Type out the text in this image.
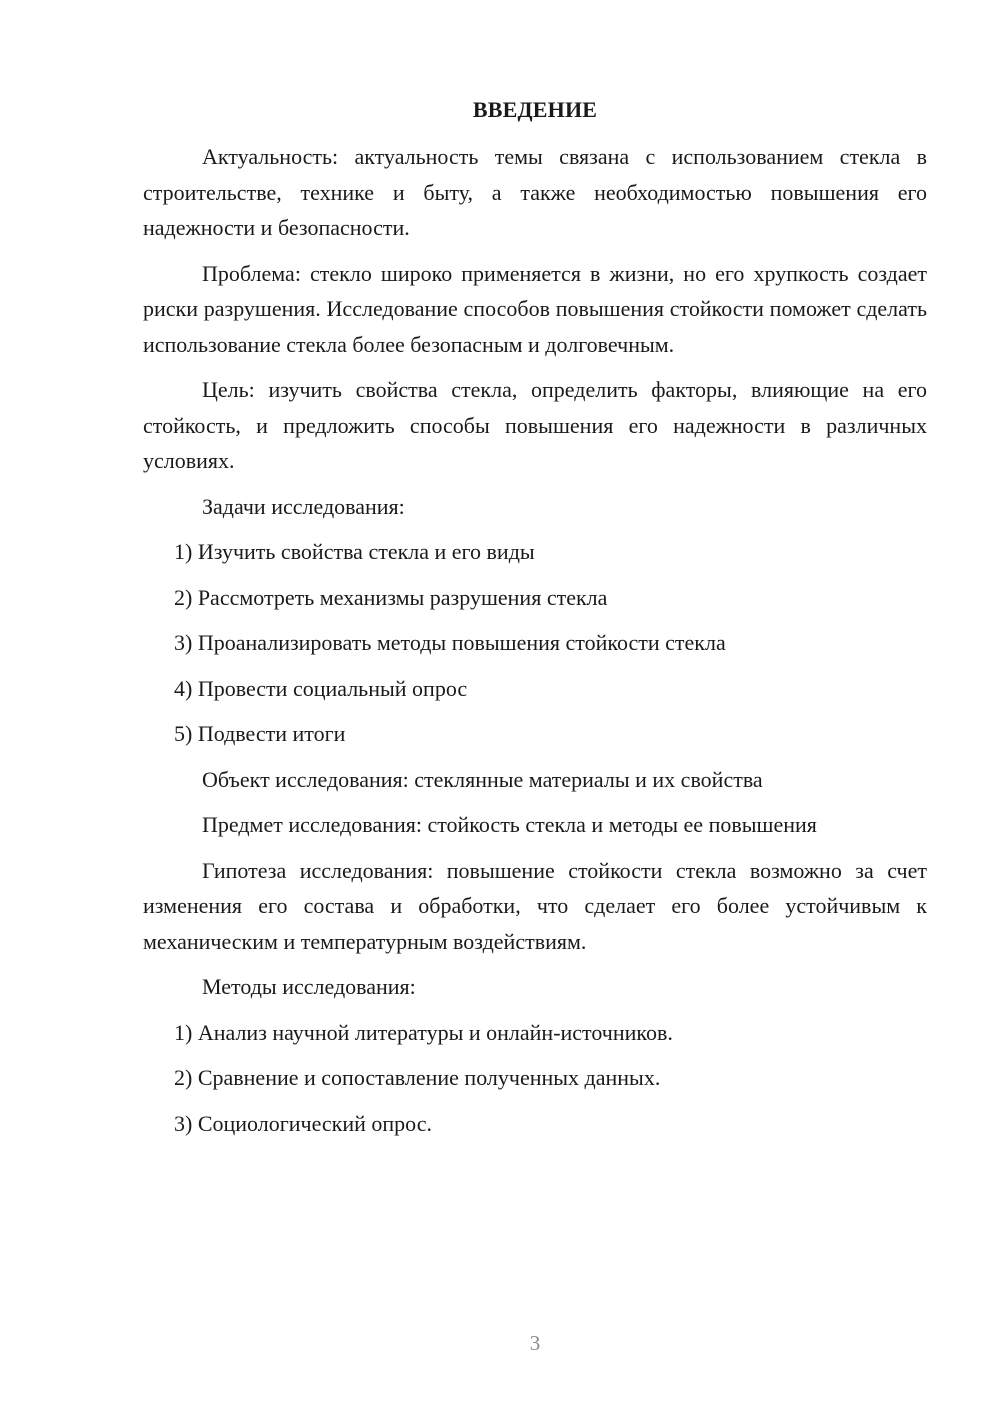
ВВЕДЕНИЕ

Актуальность: актуальность темы связана с использованием стекла в строительстве, технике и быту, а также необходимостью повышения его надежности и безопасности.

Проблема: стекло широко применяется в жизни, но его хрупкость создает риски разрушения. Исследование способов повышения стойкости поможет сделать использование стекла более безопасным и долговечным.

Цель: изучить свойства стекла, определить факторы, влияющие на его стойкость, и предложить способы повышения его надежности в различных условиях.

Задачи исследования:

1) Изучить свойства стекла и его виды

2) Рассмотреть механизмы разрушения стекла

3) Проанализировать методы повышения стойкости стекла

4) Провести социальный опрос

5) Подвести итоги

Объект исследования: стеклянные материалы и их свойства

Предмет исследования: стойкость стекла и методы ее повышения

Гипотеза исследования: повышение стойкости стекла возможно за счет изменения его состава и обработки, что сделает его более устойчивым к механическим и температурным воздействиям.

Методы исследования:

1) Анализ научной литературы и онлайн-источников.

2) Сравнение и сопоставление полученных данных.

3) Социологический опрос.

3
